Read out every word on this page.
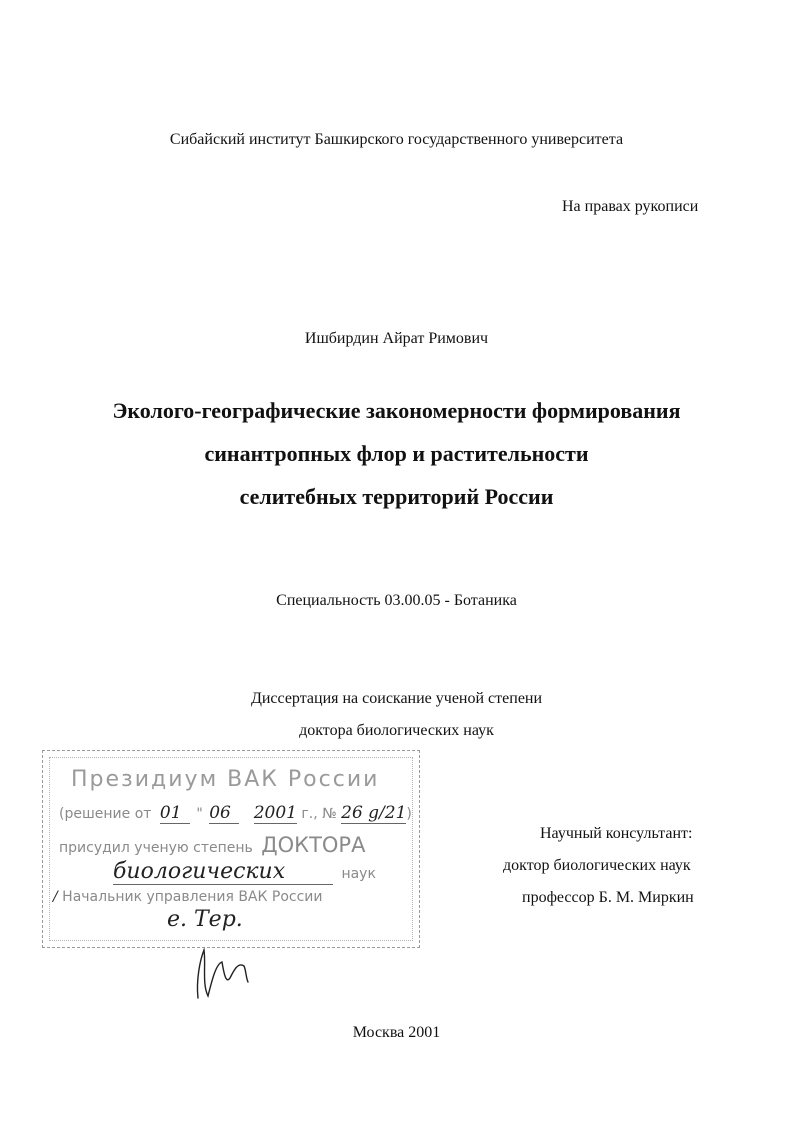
Сибайский институт Башкирского государственного университета
На правах рукописи
Ишбирдин Айрат Римович
Эколого-географические закономерности формирования
синантропных флор и растительности
селитебных территорий России
Специальность 03.00.05 - Ботаника
Диссертация на соискание ученой степени
доктора биологических наук
Научный консультант:
доктор биологических наук
профессор Б. М. Миркин
Президиум ВАК России
(решение от 01 " 06 2001 г., № 26 g/21)
присудил ученую степень ДОКТОРА
биологических	наук
/ Начальник управления ВАК России
е. Тер.
Москва 2001
